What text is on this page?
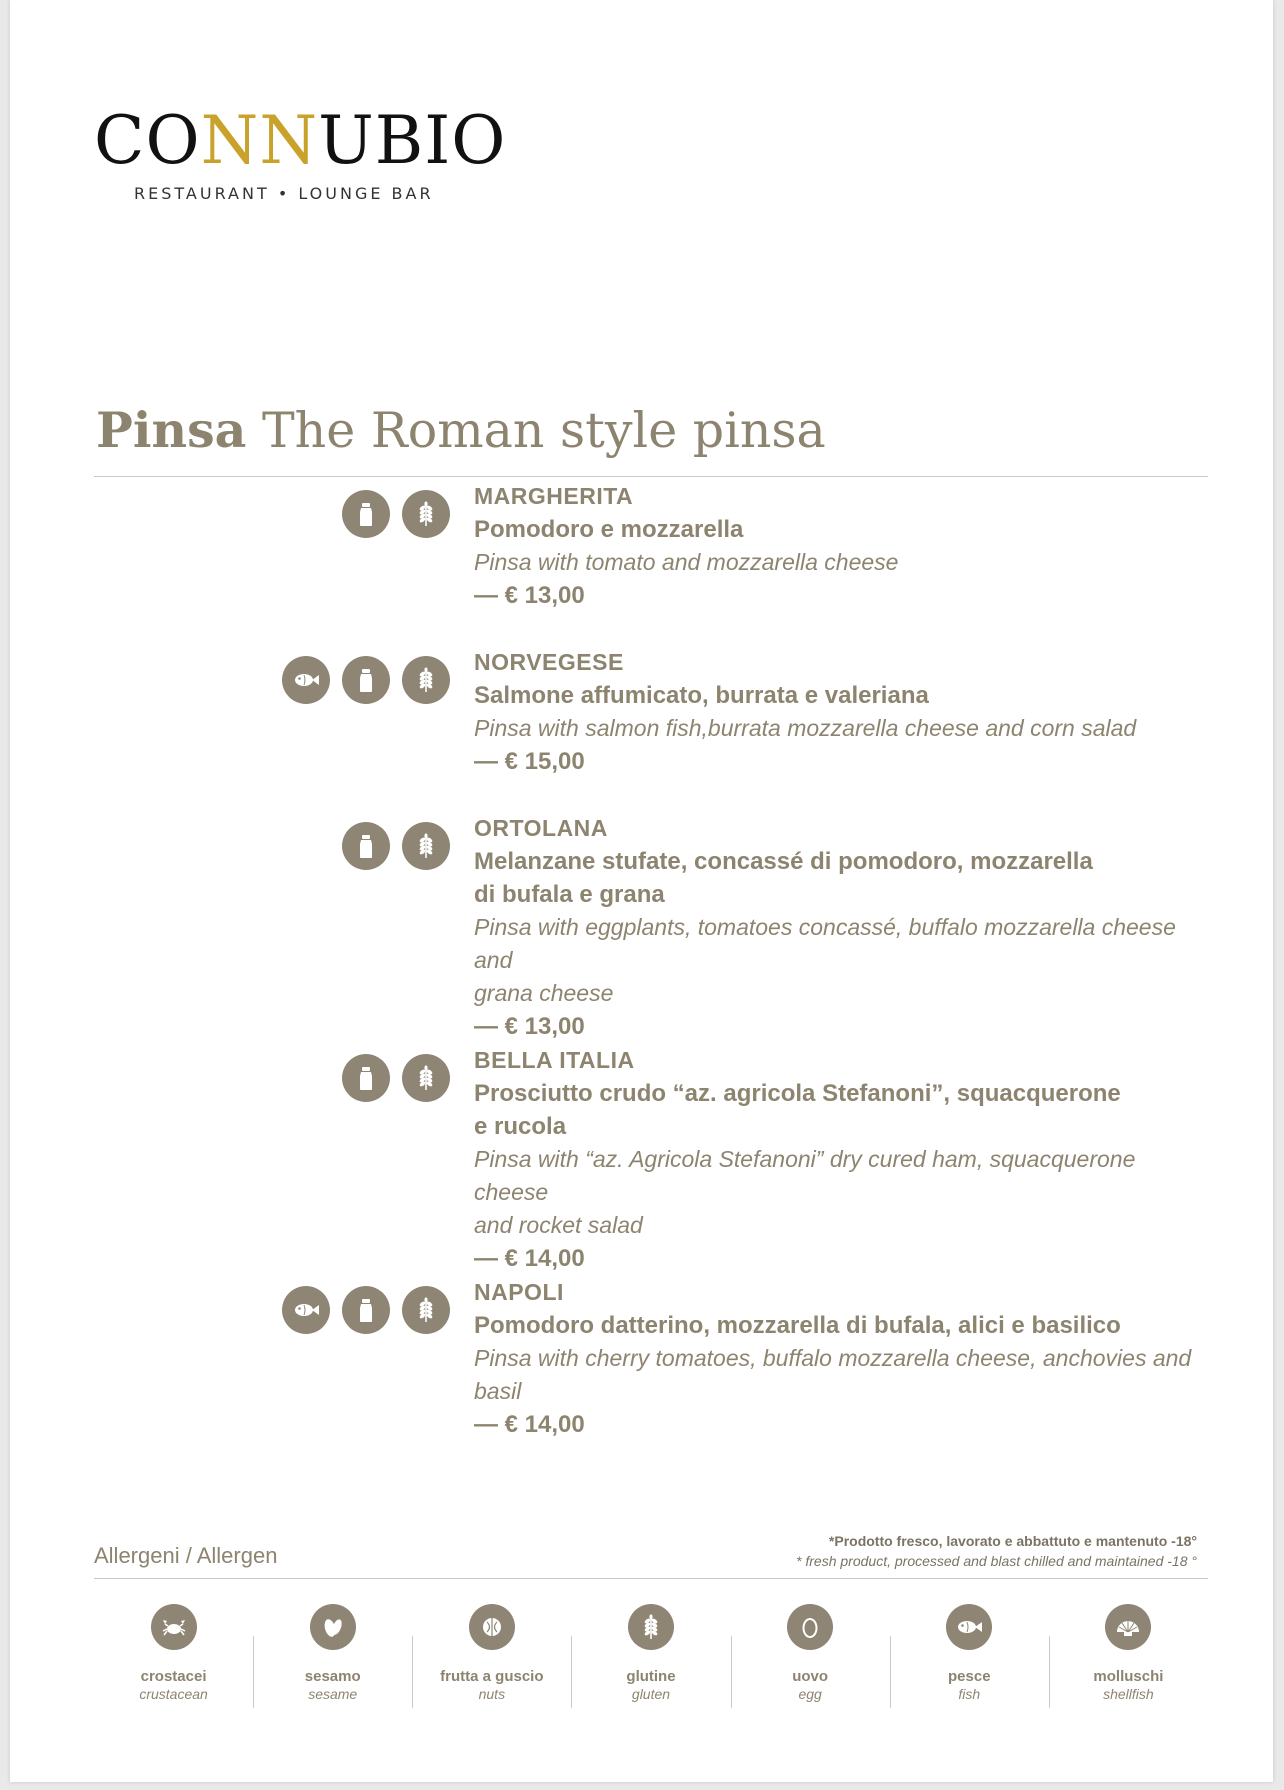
CONNUBIO
RESTAURANT • LOUNGE BAR
Pinsa The Roman style pinsa
MARGHERITA
Pomodoro e mozzarella
Pinsa with tomato and mozzarella cheese
— € 13,00
NORVEGESE
Salmone affumicato, burrata e valeriana
Pinsa with salmon fish,burrata mozzarella cheese and corn salad
— € 15,00
ORTOLANA
Melanzane stufate, concassé di pomodoro, mozzarella
di bufala e grana
Pinsa with eggplants, tomatoes concassé, buffalo mozzarella cheese and
grana cheese
— € 13,00
BELLA ITALIA
Prosciutto crudo “az. agricola Stefanoni”, squacquerone
e rucola
Pinsa with “az. Agricola Stefanoni” dry cured ham, squacquerone cheese
and rocket salad
— € 14,00
NAPOLI
Pomodoro datterino, mozzarella di bufala, alici e basilico
Pinsa with cherry tomatoes, buffalo mozzarella cheese, anchovies and
basil
— € 14,00
Allergeni / Allergen
*Prodotto fresco, lavorato e abbattuto e mantenuto -18°
* fresh product, processed and blast chilled and maintained -18 °
crostacei
crustacean
sesamo
sesame
frutta a guscio
nuts
glutine
gluten
uovo
egg
pesce
fish
molluschi
shellfish
